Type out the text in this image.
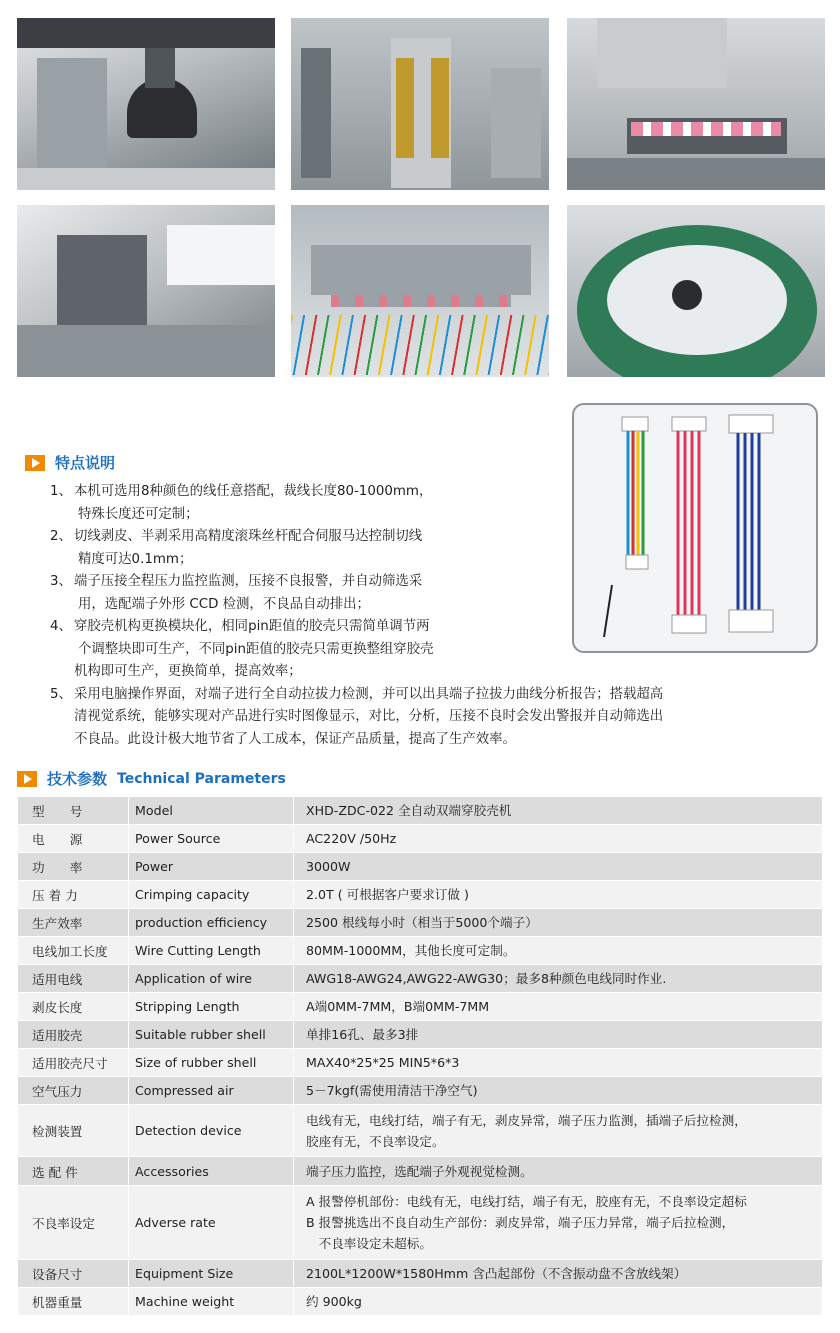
特点说明
1、 本机可选用8种颜色的线任意搭配，裁线长度80-1000mm，
特殊长度还可定制；
2、 切线剥皮、半剥采用高精度滚珠丝杆配合伺服马达控制切线
精度可达0.1mm；
3、 端子压接全程压力监控监测，压接不良报警，并自动筛选采
用，选配端子外形 CCD 检测，不良品自动排出；
4、 穿胶壳机构更换模块化，相同pin距值的胶壳只需简单调节两
个调整块即可生产，不同pin距值的胶壳只需更换整组穿胶壳
机构即可生产，更换简单，提高效率；
5、 采用电脑操作界面，对端子进行全自动拉拔力检测，并可以出具端子拉拔力曲线分析报告；搭载超高
清视觉系统，能够实现对产品进行实时图像显示，对比，分析，压接不良时会发出警报并自动筛选出
不良品。此设计极大地节省了人工成本，保证产品质量，提高了生产效率。
技术参数 Technical Parameters
型　　号	Model	XHD-ZDC-022 全自动双端穿胶壳机

电　　源	Power Source	AC220V /50Hz

功　　率	Power	3000W

压 着 力	Crimping capacity	2.0T ( 可根据客户要求订做 )

生产效率	production efficiency	2500 根线每小时（相当于5000个端子）

电线加工长度	Wire Cutting Length	80MM-1000MM，其他长度可定制。

适用电线	Application of wire	AWG18-AWG24,AWG22-AWG30；最多8种颜色电线同时作业.

剥皮长度	Stripping Length	A端0MM-7MM，B端0MM-7MM

适用胶壳	Suitable rubber shell	单排16孔、最多3排

适用胶壳尺寸	Size of rubber shell	MAX40*25*25 MIN5*6*3

空气压力	Compressed air	5－7kgf(需使用清洁干净空气)

检测装置	Detection device	电线有无，电线打结，端子有无，剥皮异常，端子压力监测，插端子后拉检测，
胶座有无，不良率设定。

选 配 件	Accessories	端子压力监控，选配端子外观视觉检测。

不良率设定	Adverse rate	A 报警停机部份：电线有无，电线打结，端子有无，胶座有无，不良率设定超标
B 报警挑选出不良自动生产部份：剥皮异常，端子压力异常，端子后拉检测，
　不良率设定未超标。

设备尺寸	Equipment Size	2100L*1200W*1580Hmm 含凸起部份（不含振动盘不含放线架）

机器重量	Machine weight	约 900kg
